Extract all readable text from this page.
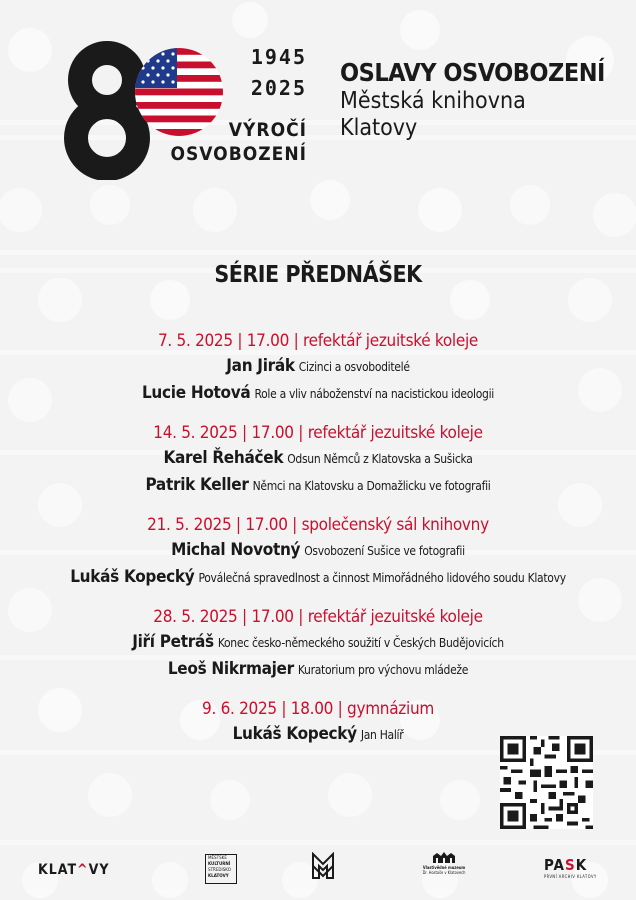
1945
2025
VÝROČÍ
OSVOBOZENÍ
OSLAVY OSVOBOZENÍ
Městská knihovna
Klatovy
SÉRIE PŘEDNÁŠEK
7. 5. 2025 | 17.00 | refektář jezuitské koleje
Jan Jirák Cizinci a osvoboditelé
Lucie Hotová Role a vliv náboženství na nacistickou ideologii
14. 5. 2025 | 17.00 | refektář jezuitské koleje
Karel Řeháček Odsun Němců z Klatovska a Sušicka
Patrik Keller Němci na Klatovsku a Domažlicku ve fotografii
21. 5. 2025 | 17.00 | společenský sál knihovny
Michal Novotný Osvobození Sušice ve fotografii
Lukáš Kopecký Poválečná spravedlnost a činnost Mimořádného lidového soudu Klatovy
28. 5. 2025 | 17.00 | refektář jezuitské koleje
Jiří Petráš Konec česko-německého soužití v Českých Budějovicích
Leoš Nikrmajer Kuratorium pro výchovu mládeže
9. 6. 2025 | 18.00 | gymnázium
Lukáš Kopecký Jan Halíř
KLAT^VY
MĚSTSKÉ
KULTURNÍ
STŘEDISKO
KLATOVY
Vlastivědné muzeum
Dr. Hostaše v Klatovech	PASK
PRVNÍ ARCHIV KLATOVY
